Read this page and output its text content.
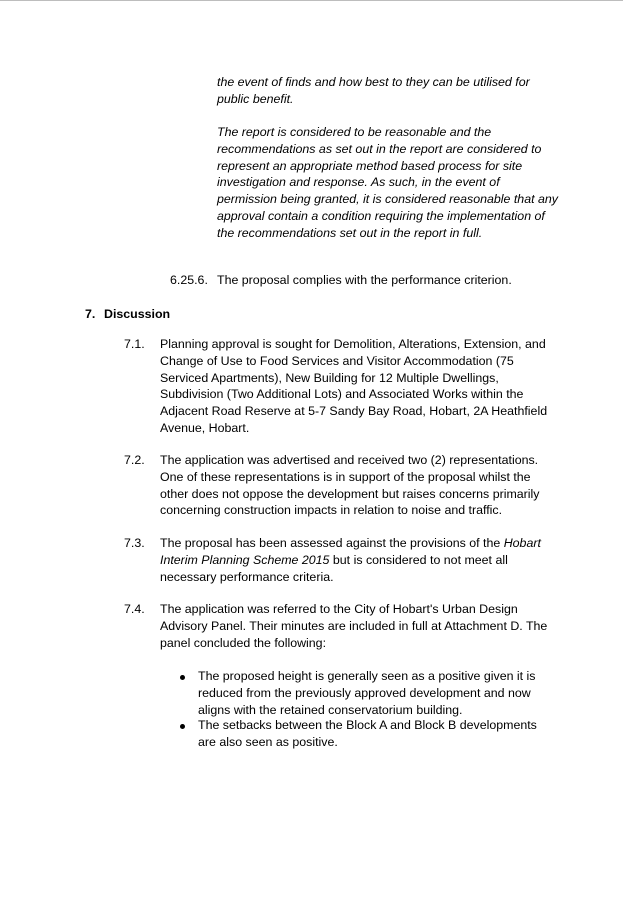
the event of finds and how best to they can be utilised for public benefit.
The report is considered to be reasonable and the recommendations as set out in the report are considered to represent an appropriate method based process for site investigation and response. As such, in the event of permission being granted, it is considered reasonable that any approval contain a condition requiring the implementation of the recommendations set out in the report in full.
6.25.6. The proposal complies with the performance criterion.
7. Discussion
7.1. Planning approval is sought for Demolition, Alterations, Extension, and Change of Use to Food Services and Visitor Accommodation (75 Serviced Apartments), New Building for 12 Multiple Dwellings, Subdivision (Two Additional Lots) and Associated Works within the Adjacent Road Reserve at 5-7 Sandy Bay Road, Hobart, 2A Heathfield Avenue, Hobart.
7.2. The application was advertised and received two (2) representations. One of these representations is in support of the proposal whilst the other does not oppose the development but raises concerns primarily concerning construction impacts in relation to noise and traffic.
7.3. The proposal has been assessed against the provisions of the Hobart Interim Planning Scheme 2015 but is considered to not meet all necessary performance criteria.
7.4. The application was referred to the City of Hobart's Urban Design Advisory Panel. Their minutes are included in full at Attachment D. The panel concluded the following:
The proposed height is generally seen as a positive given it is reduced from the previously approved development and now aligns with the retained conservatorium building.
The setbacks between the Block A and Block B developments are also seen as positive.
